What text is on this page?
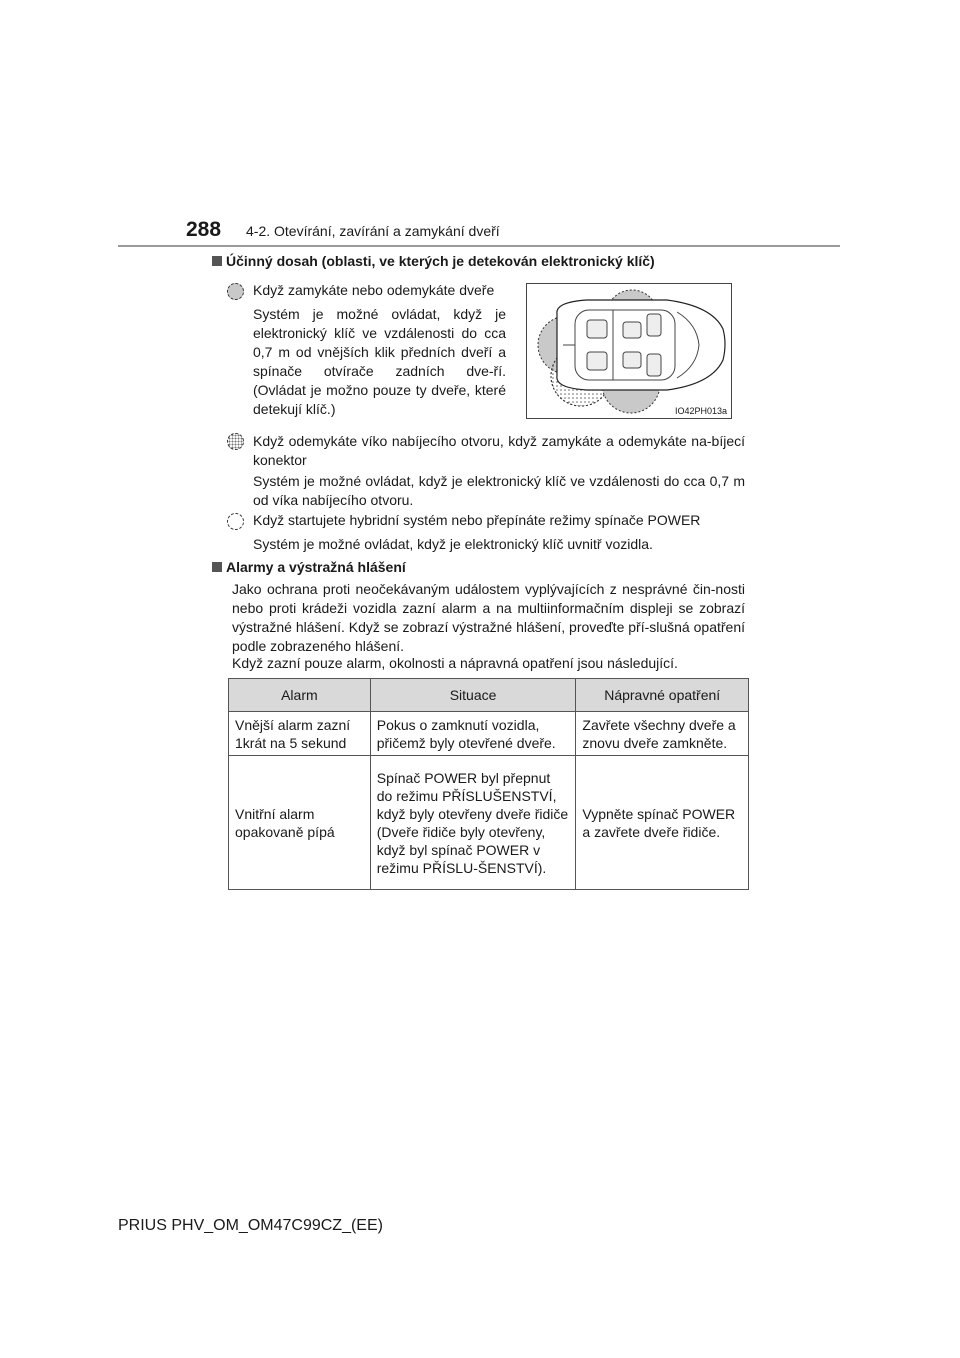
288 4-2. Otevírání, zavírání a zamykání dveří
Účinný dosah (oblasti, ve kterých je detekován elektronický klíč)
Když zamykáte nebo odemykáte dveře
Systém je možné ovládat, když je elektronický klíč ve vzdálenosti do cca 0,7 m od vnějších klik předních dveří a spínače otvírače zadních dve-ří. (Ovládat je možno pouze ty dveře, které detekují klíč.)	IO42PH013a
Když odemykáte víko nabíjecího otvoru, když zamykáte a odemykáte na-bíjecí konektor
Systém je možné ovládat, když je elektronický klíč ve vzdálenosti do cca 0,7 m od víka nabíjecího otvoru.
Když startujete hybridní systém nebo přepínáte režimy spínače POWER
Systém je možné ovládat, když je elektronický klíč uvnitř vozidla.
Alarmy a výstražná hlášení
Jako ochrana proti neočekávaným událostem vyplývajících z nesprávné čin-nosti nebo proti krádeži vozidla zazní alarm a na multiinformačním displeji se zobrazí výstražné hlášení. Když se zobrazí výstražné hlášení, proveďte pří-slušná opatření podle zobrazeného hlášení.
Když zazní pouze alarm, okolnosti a nápravná opatření jsou následující.
Alarm	Situace	Nápravné opatření
Vnější alarm zazní 1krát na 5 sekund	Pokus o zamknutí vozidla, přičemž byly otevřené dveře.	Zavřete všechny dveře a znovu dveře zamkněte.
Vnitřní alarm opakovaně pípá	Spínač POWER byl přepnut do režimu PŘÍSLUŠENSTVÍ, když byly otevřeny dveře řidiče (Dveře řidiče byly otevřeny, když byl spínač POWER v režimu PŘÍSLU-ŠENSTVÍ).	Vypněte spínač POWER a zavřete dveře řidiče.
PRIUS PHV_OM_OM47C99CZ_(EE)
